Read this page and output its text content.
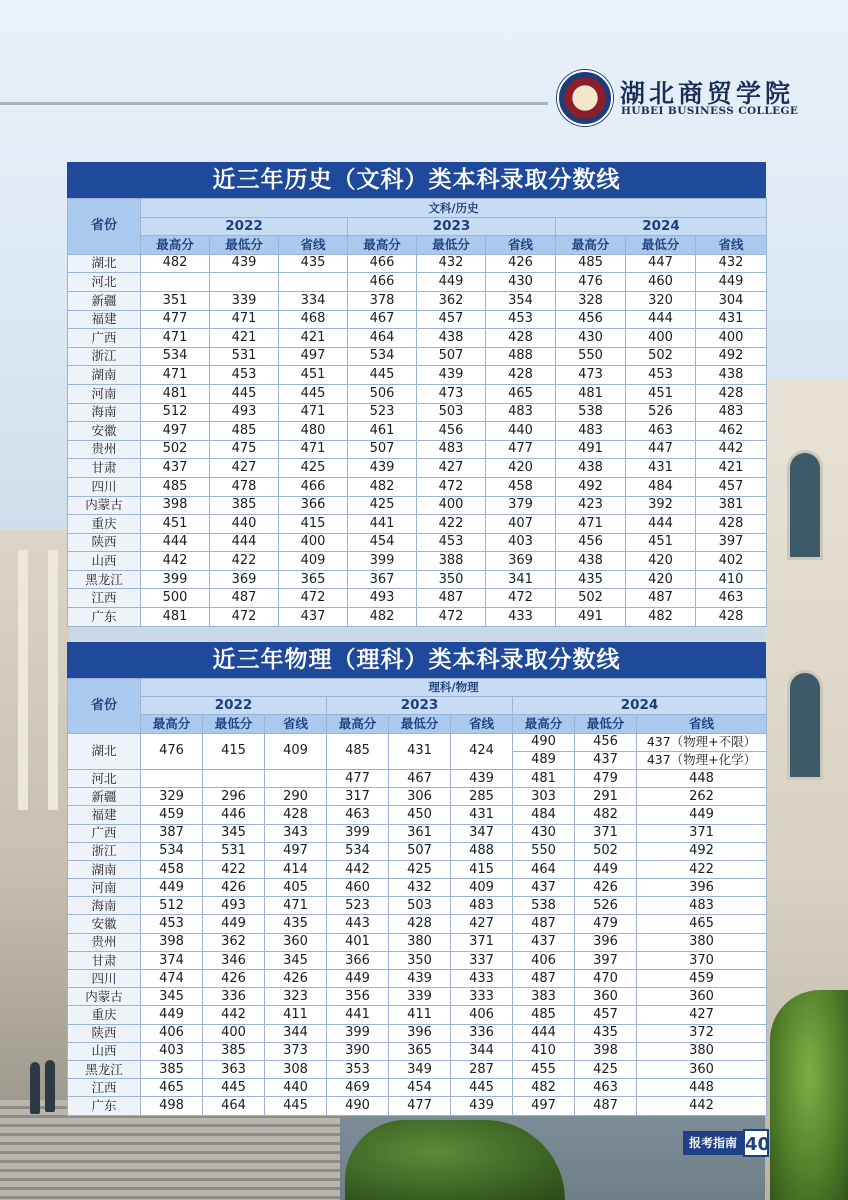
湖北商贸学院
HUBEI BUSINESS COLLEGE
近三年历史（文科）类本科录取分数线
省份	文科/历史								
	2022			2023			2024		
	最高分	最低分	省线	最高分	最低分	省线	最高分	最低分	省线
湖北	482	439	435	466	432	426	485	447	432
河北				466	449	430	476	460	449
新疆	351	339	334	378	362	354	328	320	304
福建	477	471	468	467	457	453	456	444	431
广西	471	421	421	464	438	428	430	400	400
浙江	534	531	497	534	507	488	550	502	492
湖南	471	453	451	445	439	428	473	453	438
河南	481	445	445	506	473	465	481	451	428
海南	512	493	471	523	503	483	538	526	483
安徽	497	485	480	461	456	440	483	463	462
贵州	502	475	471	507	483	477	491	447	442
甘肃	437	427	425	439	427	420	438	431	421
四川	485	478	466	482	472	458	492	484	457
内蒙古	398	385	366	425	400	379	423	392	381
重庆	451	440	415	441	422	407	471	444	428
陕西	444	444	400	454	453	403	456	451	397
山西	442	422	409	399	388	369	438	420	402
黑龙江	399	369	365	367	350	341	435	420	410
江西	500	487	472	493	487	472	502	487	463
广东	481	472	437	482	472	433	491	482	428
近三年物理（理科）类本科录取分数线
省份	理科/物理								
	2022			2023			2024		
	最高分	最低分	省线	最高分	最低分	省线	最高分	最低分	省线
湖北	476	415	409	485	431	424	490	456	437（物理+不限）
							489	437	437（物理+化学）
河北				477	467	439	481	479	448
新疆	329	296	290	317	306	285	303	291	262
福建	459	446	428	463	450	431	484	482	449
广西	387	345	343	399	361	347	430	371	371
浙江	534	531	497	534	507	488	550	502	492
湖南	458	422	414	442	425	415	464	449	422
河南	449	426	405	460	432	409	437	426	396
海南	512	493	471	523	503	483	538	526	483
安徽	453	449	435	443	428	427	487	479	465
贵州	398	362	360	401	380	371	437	396	380
甘肃	374	346	345	366	350	337	406	397	370
四川	474	426	426	449	439	433	487	470	459
内蒙古	345	336	323	356	339	333	383	360	360
重庆	449	442	411	441	411	406	485	457	427
陕西	406	400	344	399	396	336	444	435	372
山西	403	385	373	390	365	344	410	398	380
黑龙江	385	363	308	353	349	287	455	425	360
江西	465	445	440	469	454	445	482	463	448
广东	498	464	445	490	477	439	497	487	442
报考指南 40
